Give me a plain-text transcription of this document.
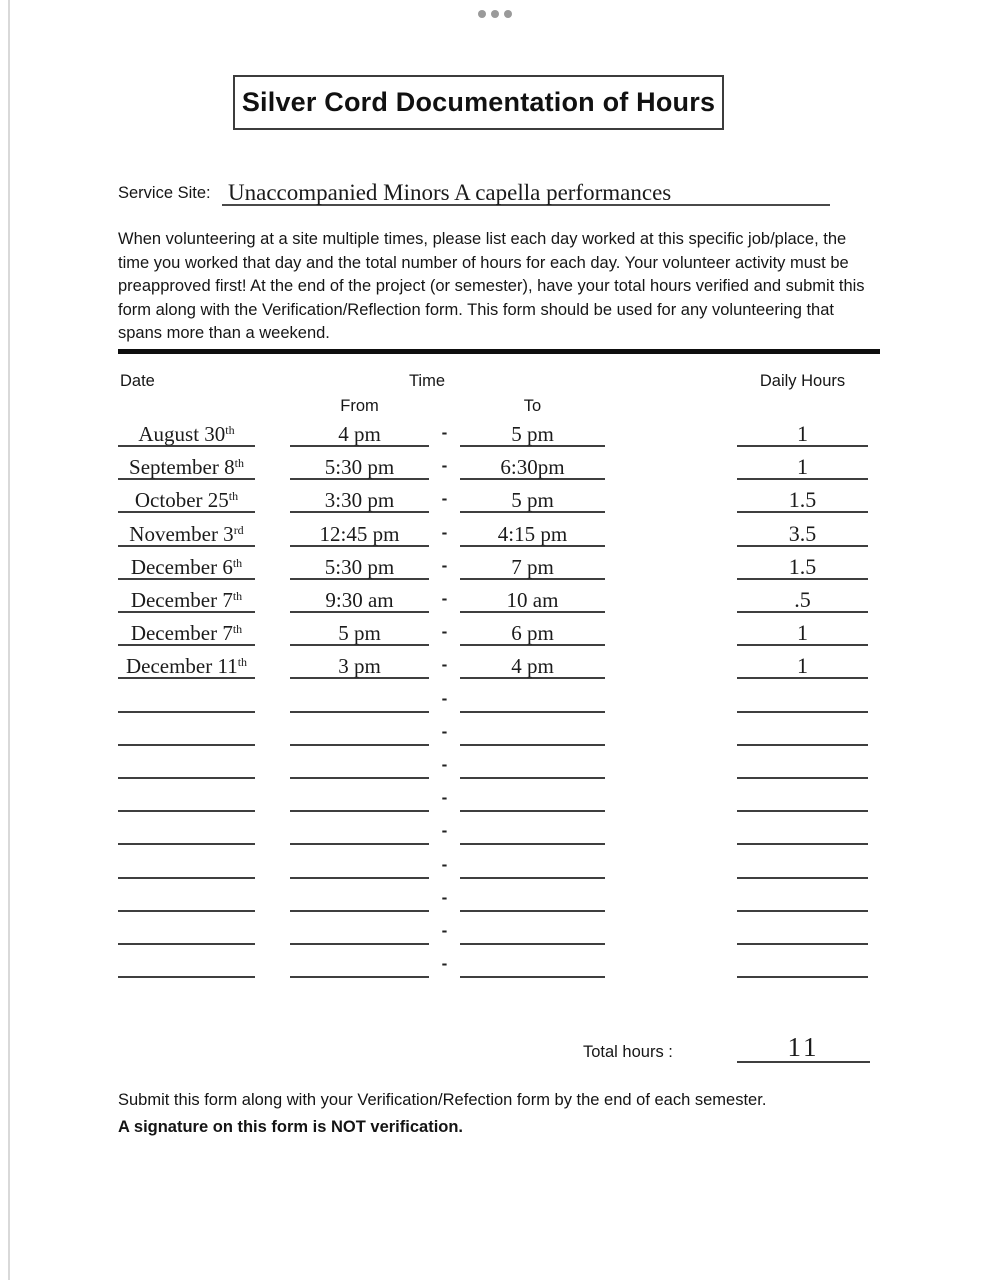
Silver Cord Documentation of Hours
Service Site: Unaccompanied Minors A capella performances
When volunteering at a site multiple times, please list each day worked at this specific job/place, the time you worked that day and the total number of hours for each day. Your volunteer activity must be preapproved first! At the end of the project (or semester), have your total hours verified and submit this form along with the Verification/Reflection form. This form should be used for any volunteering that spans more than a weekend.
Date	Time	Daily Hours
From	To
August 30th	4 pm	-	5 pm	1
September 8th	5:30 pm	-	6:30pm	1
October 25th	3:30 pm	-	5 pm	1.5
November 3rd	12:45 pm	-	4:15 pm	3.5
December 6th	5:30 pm	-	7 pm	1.5
December 7th	9:30 am	-	10 am	.5
December 7th	5 pm	-	6 pm	1
December 11th	3 pm	-	4 pm	1
-
-
-
-
-
-
-
-
-
Total hours :	11
Submit this form along with your Verification/Refection form by the end of each semester.
A signature on this form is NOT verification.
